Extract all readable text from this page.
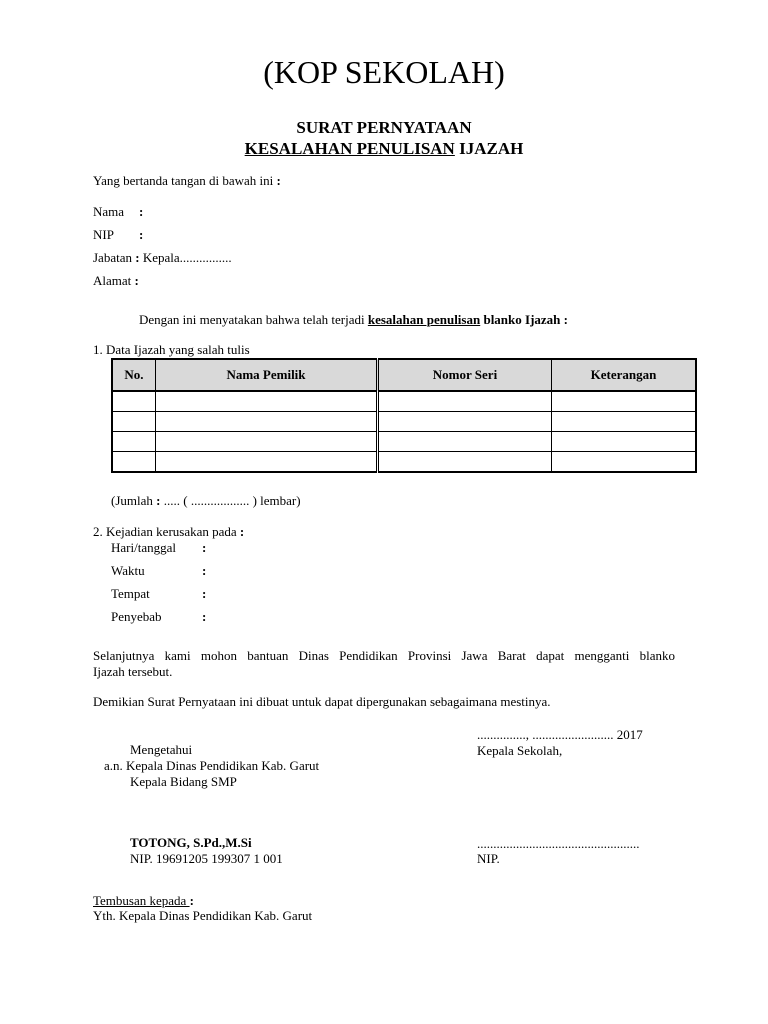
(KOP SEKOLAH)
SURAT PERNYATAAN
KESALAHAN PENULISAN IJAZAH
Yang bertanda tangan di bawah ini :
Nama :
NIP :
Jabatan : Kepala................
Alamat :
Dengan ini menyatakan bahwa telah terjadi kesalahan penulisan blanko Ijazah :
1. Data Ijazah yang salah tulis
No.	Nama Pemilik	Nomor Seri	Keterangan

(Jumlah : ..... ( .................. ) lembar)
2. Kejadian kerusakan pada :
Hari/tanggal :
Waktu	:
Tempat	:
Penyebab	:
Selanjutnya kami mohon bantuan Dinas Pendidikan Provinsi Jawa Barat dapat mengganti blanko
Ijazah tersebut.
Demikian Surat Pernyataan ini dibuat untuk dapat dipergunakan sebagaimana mestinya.
..............., ......................... 2017
Kepala Sekolah,
..................................................
NIP.
Mengetahui
a.n. Kepala Dinas Pendidikan Kab. Garut
Kepala Bidang SMP
TOTONG, S.Pd.,M.Si
NIP. 19691205 199307 1 001
Tembusan kepada :
Yth. Kepala Dinas Pendidikan Kab. Garut
